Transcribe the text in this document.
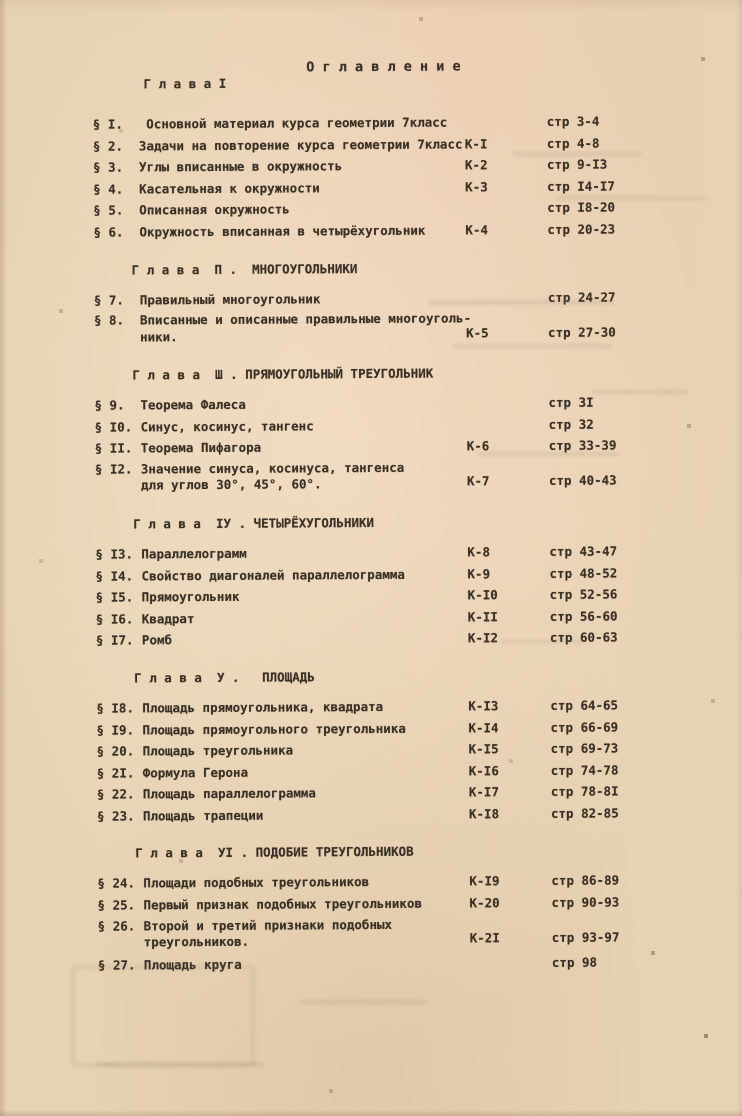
О г л а в л е н и е
Г л а в а I
§ I.	Основной материал курса геометрии 7класс	стр 3-4
§ 2.	Задачи на повторение курса геометрии 7класс К-I	стр 4-8
§ 3.	Углы вписанные в окружность	К-2	стр 9-I3
§ 4.	Касательная к окружности	К-3	стр I4-I7
§ 5.	Описанная окружность	стр I8-20
§ 6.	Окружность вписанная в четырёхугольник	К-4	стр 20-23
Г л а в а  П .  МНОГОУГОЛЬНИКИ
§ 7.	Правильный многоугольник	стр 24-27
§ 8.	Вписанные и описанные правильные многоуголь-
ники.	К-5	стр 27-30
Г л а в а  Ш . ПРЯМОУГОЛЬНЫЙ ТРЕУГОЛЬНИК
§ 9.	Теорема Фалеса	стр 3I
§ I0. Синус, косинус, тангенс	стр 32
§ II. Теорема Пифагора	К-6	стр 33-39
§ I2. Значение синуса, косинуса, тангенса
для углов 30°, 45°, 60°.	К-7	стр 40-43
Г л а в а  IУ . ЧЕТЫРЁХУГОЛЬНИКИ
§ I3. Параллелограмм	К-8	стр 43-47
§ I4. Свойство диагоналей параллелограмма	К-9	стр 48-52
§ I5. Прямоугольник	К-I0	стр 52-56
§ I6. Квадрат	К-II	стр 56-60
§ I7. Ромб	К-I2	стр 60-63
Г л а в а  У .   ПЛОЩАДЬ
§ I8. Площадь прямоугольника, квадрата	К-I3	стр 64-65
§ I9. Площадь прямоугольного треугольника	К-I4	стр 66-69
§ 20. Площадь треугольника	К-I5	стр 69-73
§ 2I. Формула Герона	К-I6	стр 74-78
§ 22. Площадь параллелограмма	К-I7	стр 78-8I
§ 23. Площадь трапеции	К-I8	стр 82-85
Г л а в а  УI . ПОДОБИЕ ТРЕУГОЛЬНИКОВ
§ 24. Площади подобных треугольников	К-I9	стр 86-89
§ 25. Первый признак подобных треугольников	К-20	стр 90-93
§ 26. Второй и третий признаки подобных
треугольников.	К-2I	стр 93-97
§ 27. Площадь круга	стр 98
